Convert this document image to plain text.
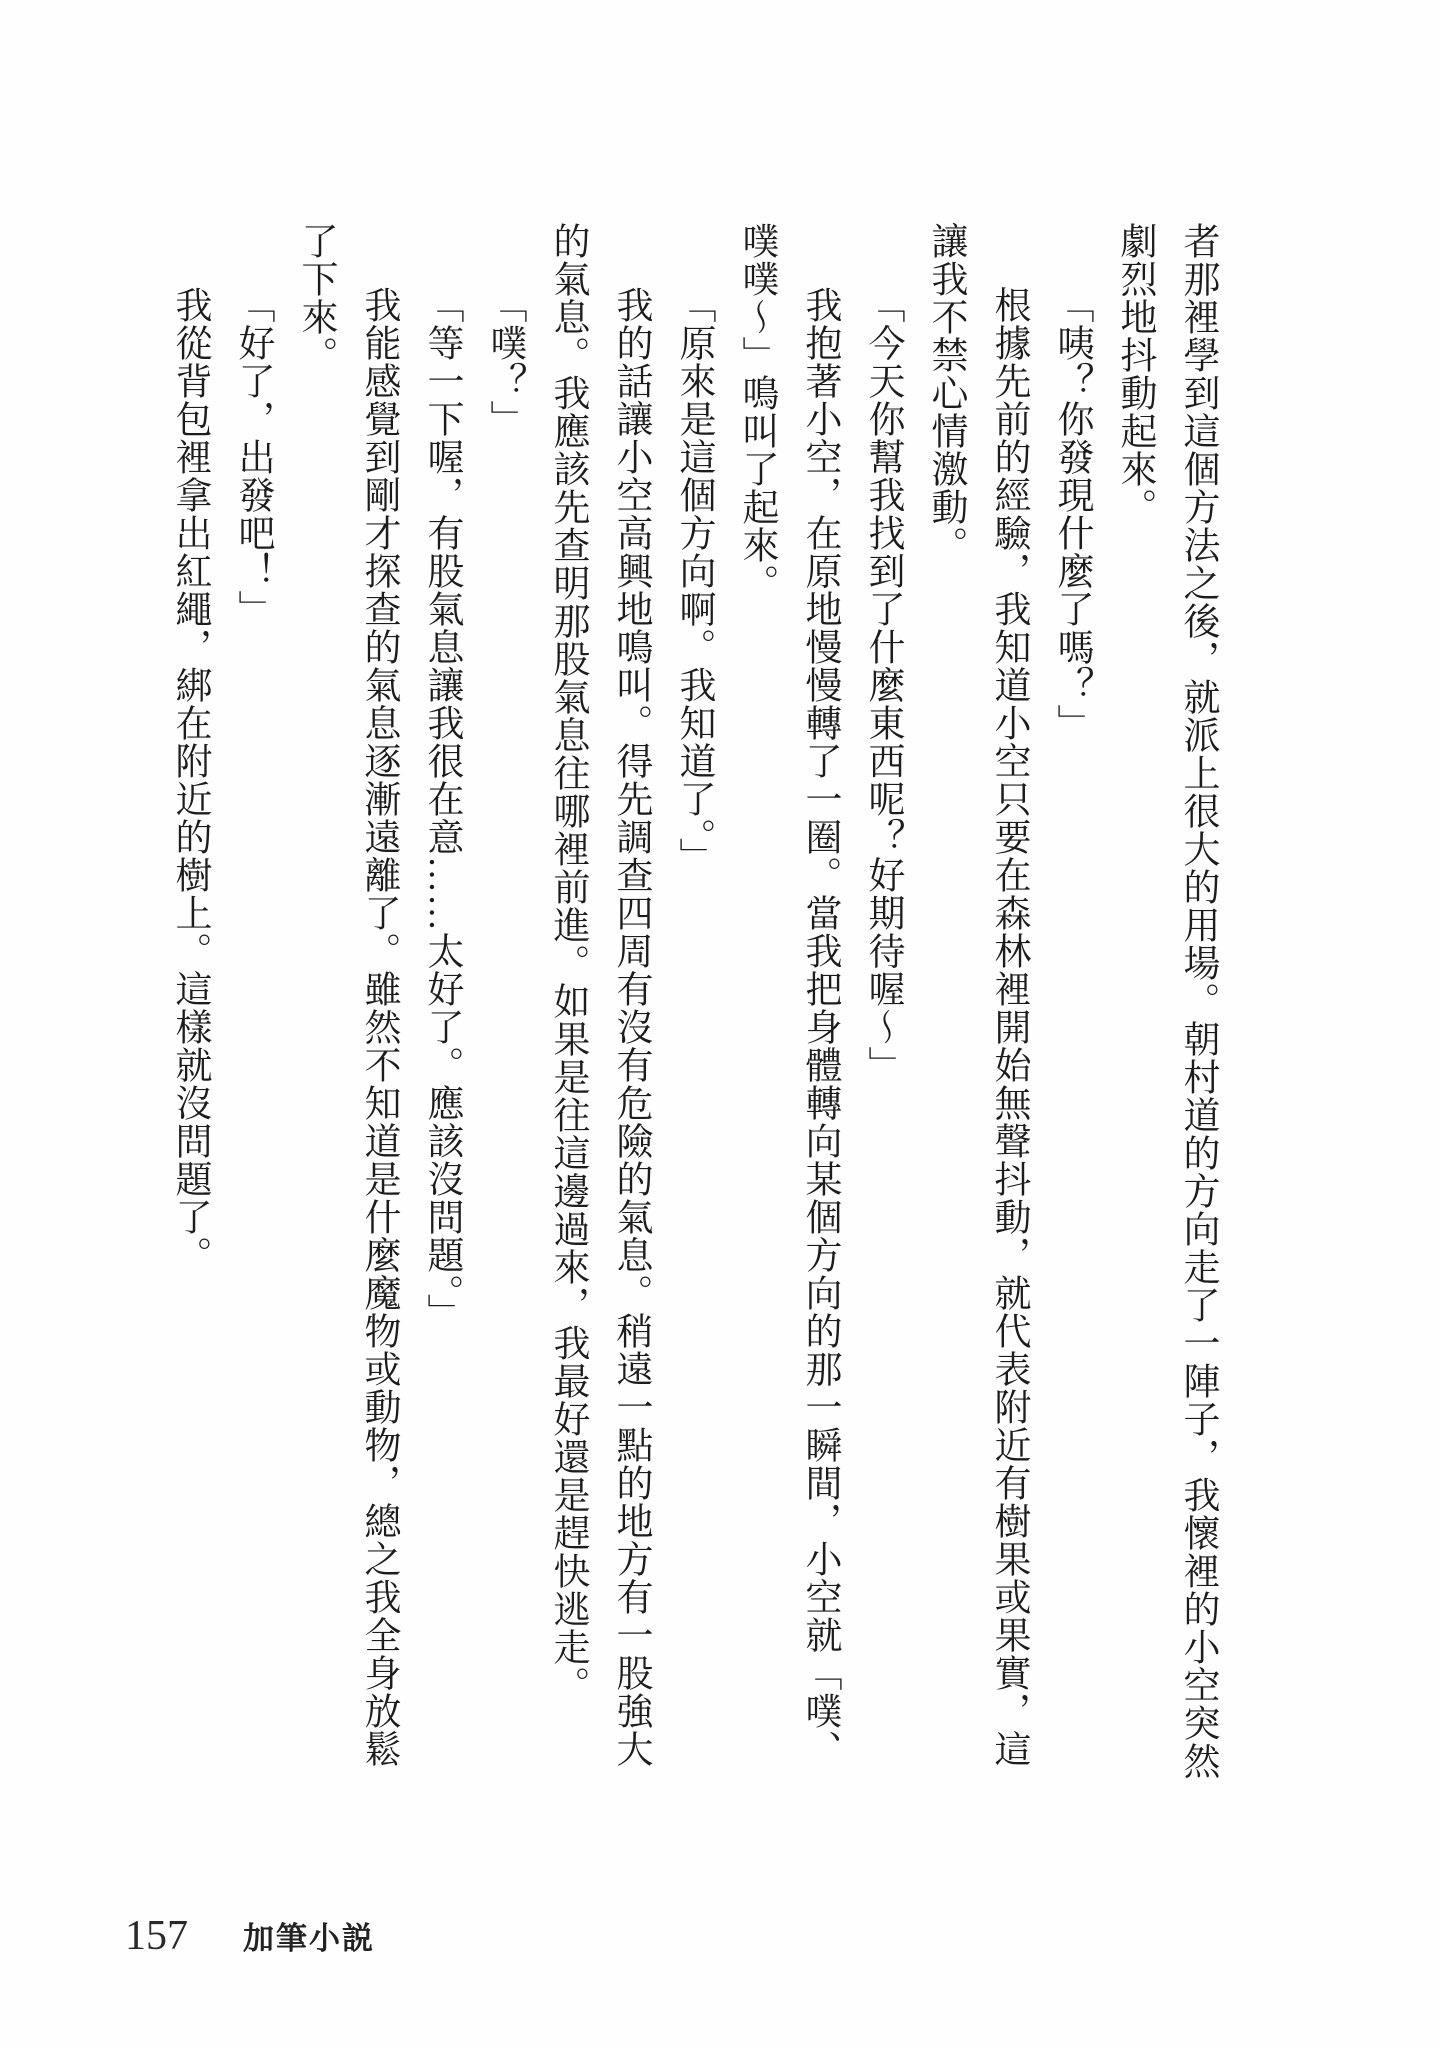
者那裡學到這個方法之後，就派上很大的用場。朝村道的方向走了一陣子，我懷裡的小空突然劇烈地抖動起來。

「咦？你發現什麼了嗎？」

根據先前的經驗，我知道小空只要在森林裡開始無聲抖動，就代表附近有樹果或果實，這讓我不禁心情激動。

「今天你幫我找到了什麼東西呢？好期待喔～」

我抱著小空，在原地慢慢轉了一圈。當我把身體轉向某個方向的那一瞬間，小空就「噗、噗噗～」鳴叫了起來。

「原來是這個方向啊。我知道了。」

我的話讓小空高興地鳴叫。得先調查四周有沒有危險的氣息。稍遠一點的地方有一股強大的氣息。我應該先查明那股氣息往哪裡前進。如果是往這邊過來，我最好還是趕快逃走。

「噗？」

「等一下喔，有股氣息讓我很在意……太好了。應該沒問題。」

我能感覺到剛才探查的氣息逐漸遠離了。雖然不知道是什麼魔物或動物，總之我全身放鬆了下來。

「好了，出發吧！」

我從背包裡拿出紅繩，綁在附近的樹上。這樣就沒問題了。

157 加筆小説
